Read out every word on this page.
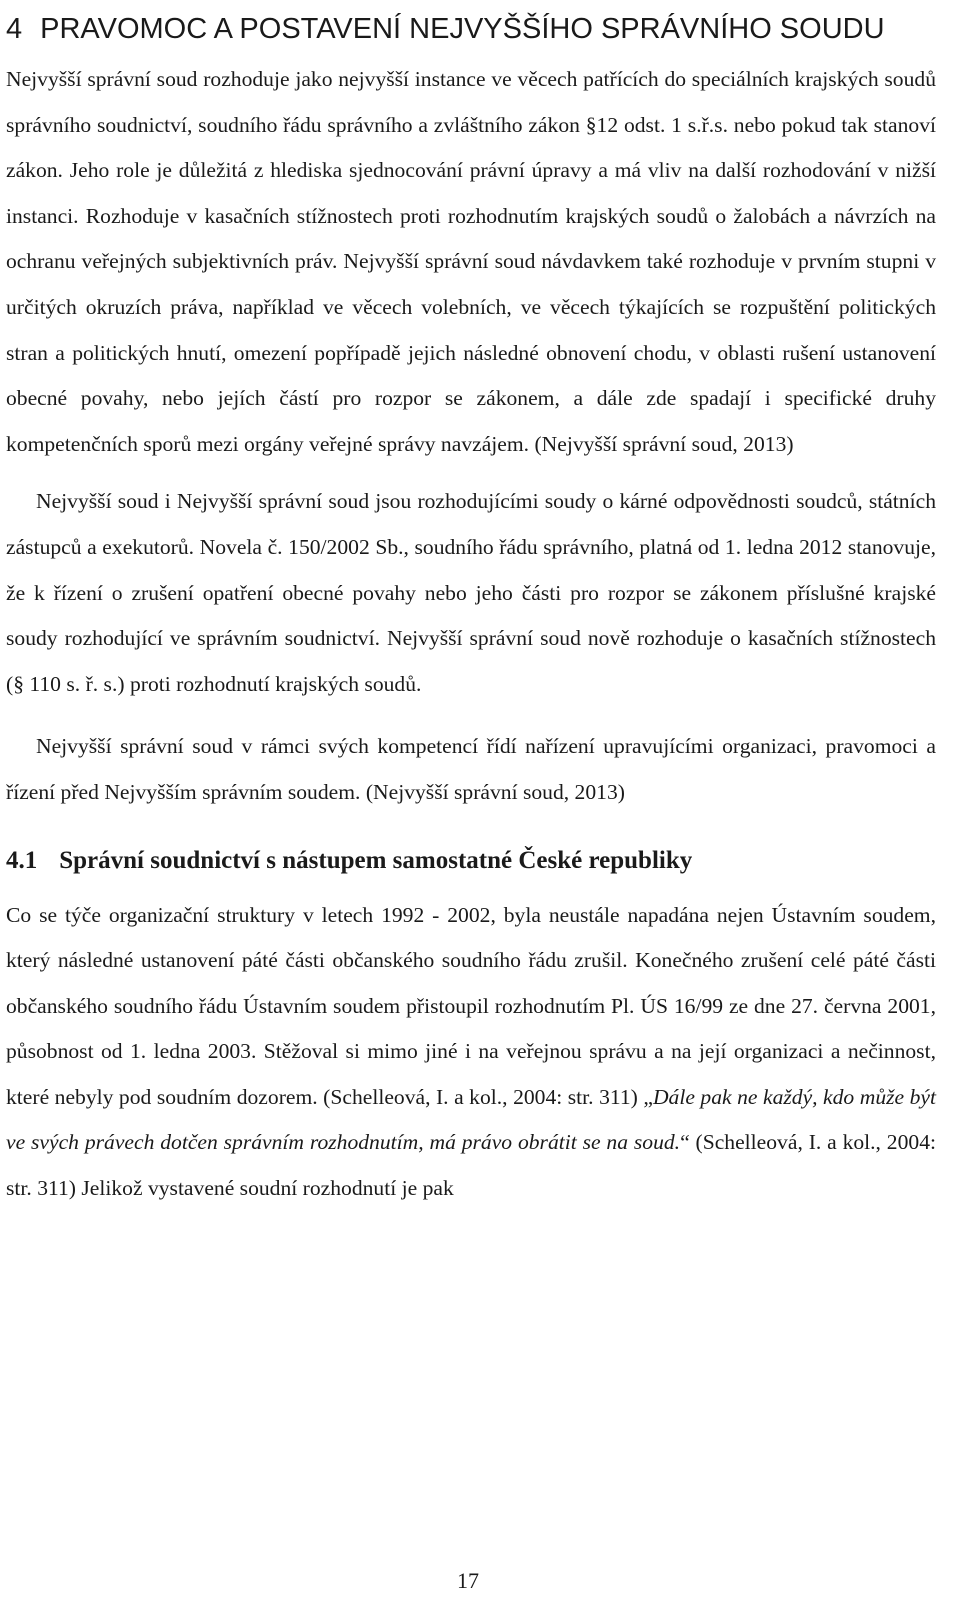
4 PRAVOMOC A POSTAVENÍ NEJVYŠŠÍHO SPRÁVNÍHO SOUDU

Nejvyšší správní soud rozhoduje jako nejvyšší instance ve věcech patřících do speciálních krajských soudů správního soudnictví, soudního řádu správního a zvláštního zákon §12 odst. 1 s.ř.s. nebo pokud tak stanoví zákon. Jeho role je důležitá z hlediska sjednocování právní úpravy a má vliv na další rozhodování v nižší instanci. Rozhoduje v kasačních stížnostech proti rozhodnutím krajských soudů o žalobách a návrzích na ochranu veřejných subjektivních práv. Nejvyšší správní soud návdavkem také rozhoduje v prvním stupni v určitých okruzích práva, například ve věcech volebních, ve věcech týkajících se rozpuštění politických stran a politických hnutí, omezení popřípadě jejich následné obnovení chodu, v oblasti rušení ustanovení obecné povahy, nebo jejích částí pro rozpor se zákonem, a dále zde spadají i specifické druhy kompetenčních sporů mezi orgány veřejné správy navzájem. (Nejvyšší správní soud, 2013)

Nejvyšší soud i Nejvyšší správní soud jsou rozhodujícími soudy o kárné odpovědnosti soudců, státních zástupců a exekutorů. Novela č. 150/2002 Sb., soudního řádu správního, platná od 1. ledna 2012 stanovuje, že k řízení o zrušení opatření obecné povahy nebo jeho části pro rozpor se zákonem příslušné krajské soudy rozhodující ve správním soudnictví. Nejvyšší správní soud nově rozhoduje o kasačních stížnostech (§ 110 s. ř. s.) proti rozhodnutí krajských soudů.

Nejvyšší správní soud v rámci svých kompetencí řídí nařízení upravujícími organizaci, pravomoci a řízení před Nejvyšším správním soudem. (Nejvyšší správní soud, 2013)

4.1 Správní soudnictví s nástupem samostatné České republiky

Co se týče organizační struktury v letech 1992 - 2002, byla neustále napadána nejen Ústavním soudem, který následné ustanovení páté části občanského soudního řádu zrušil. Konečného zrušení celé páté části občanského soudního řádu Ústavním soudem přistoupil rozhodnutím Pl. ÚS 16/99 ze dne 27. června 2001, působnost od 1. ledna 2003. Stěžoval si mimo jiné i na veřejnou správu a na její organizaci a nečinnost, které nebyly pod soudním dozorem. (Schelleová, I. a kol., 2004: str. 311) „Dále pak ne každý, kdo může být ve svých právech dotčen správním rozhodnutím, má právo obrátit se na soud.“ (Schelleová, I. a kol., 2004: str. 311) Jelikož vystavené soudní rozhodnutí je pak

17
